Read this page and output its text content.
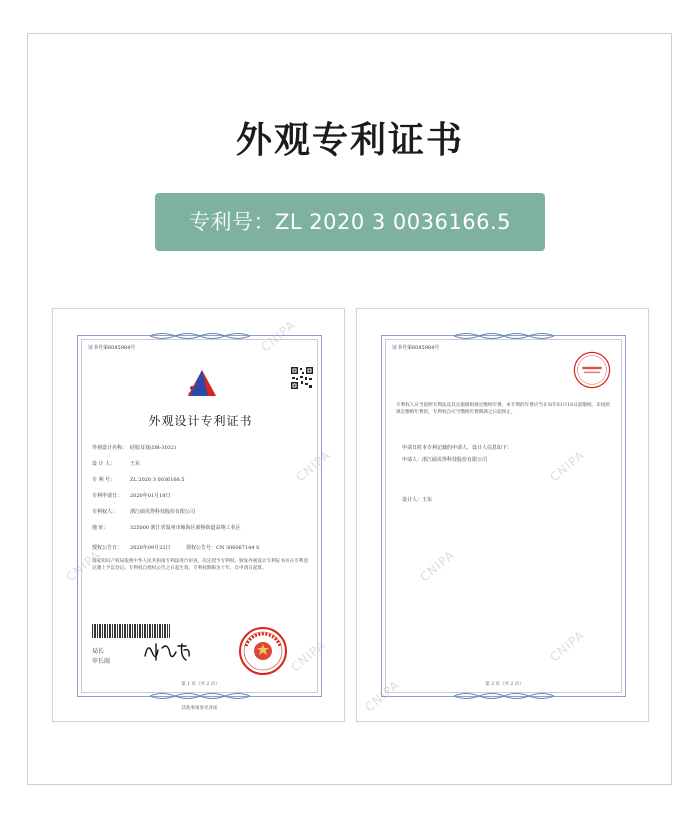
外观专利证书
专利号：ZL 2020 3 0036166.5
CNIPA
CNIPA
CNIPA
CNIPA
证书号第6085984号
外观设计专利证书
外观设计名称： 硅胶耳塞(DB-3032)
设 计 人：	王东
专 利 号：	ZL 2020 3 0036166.5
专利申请日： 2020年01月18日
专利权人：	浙江硕贝得科技股份有限公司
地 址：	325000 浙江省温州市瓯海区新桥街道高翔工业区
授权公告日： 2020年09月22日	授权公告号：CN 306067144 S

国家知识产权局依照中华人民共和国专利法进行审查，决定授予专利权，颁发外观设计专利证书并在专利登记簿上予以登记。专利权自授权公告之日起生效。专利权期限为十年，自申请日起算。

局长
申长雨
第 1 页（共 2 页）
其他事项参见背面
CNIPA
CNIPA
CNIPA
CNIPA
证书号第6085984号

专利权人应当依照专利法及其实施细则规定缴纳年费。本专利的年费应当在每年01月18日前缴纳。未按照规定缴纳年费的，专利权自应当缴纳年费期满之日起终止。

申请日时本专利记载的申请人、设计人信息如下：
申请人： 浙江硕贝得科技股份有限公司
设计人： 王东
第 2 页（共 2 页）
